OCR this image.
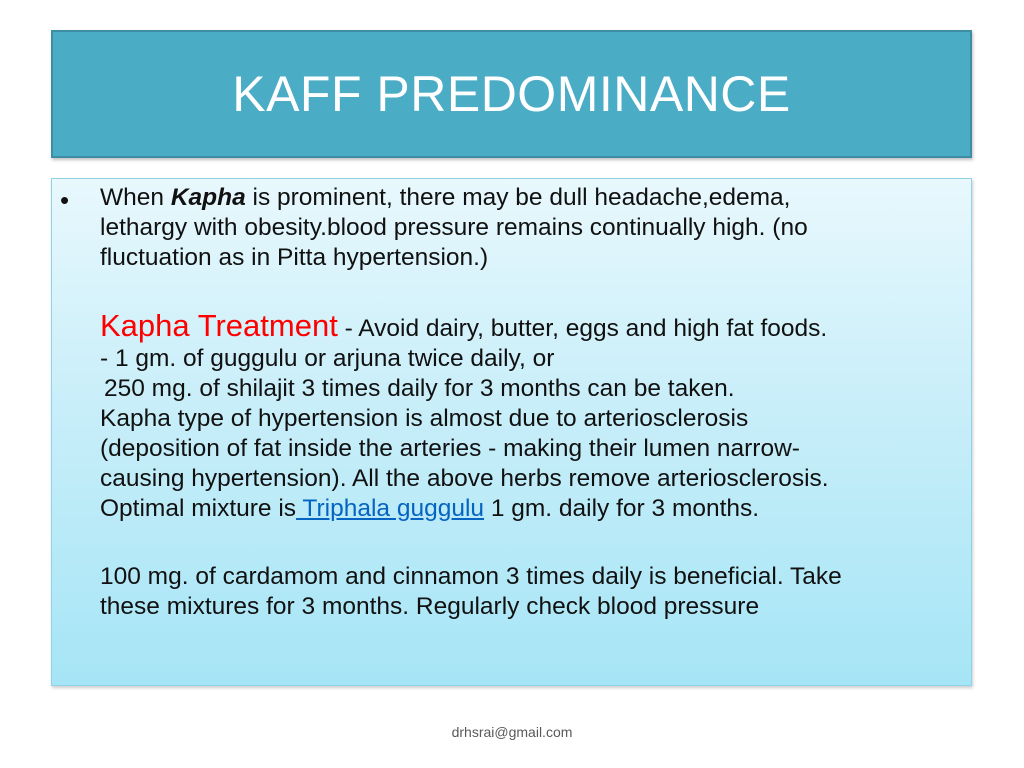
KAFF PREDOMINANCE
• When Kapha is prominent, there may be dull headache,edema,

lethargy with obesity.blood pressure remains continually high. (no

fluctuation as in Pitta hypertension.)

Kapha Treatment - Avoid dairy, butter, eggs and high fat foods.

- 1 gm. of guggulu or arjuna twice daily, or

250 mg. of shilajit 3 times daily for 3 months can be taken.

Kapha type of hypertension is almost due to arteriosclerosis

(deposition of fat inside the arteries - making their lumen narrow-

causing hypertension). All the above herbs remove arteriosclerosis.

Optimal mixture is Triphala guggulu 1 gm. daily for 3 months.

100 mg. of cardamom and cinnamon 3 times daily is beneficial. Take

these mixtures for 3 months. Regularly check blood pressure

drhsrai@gmail.com
